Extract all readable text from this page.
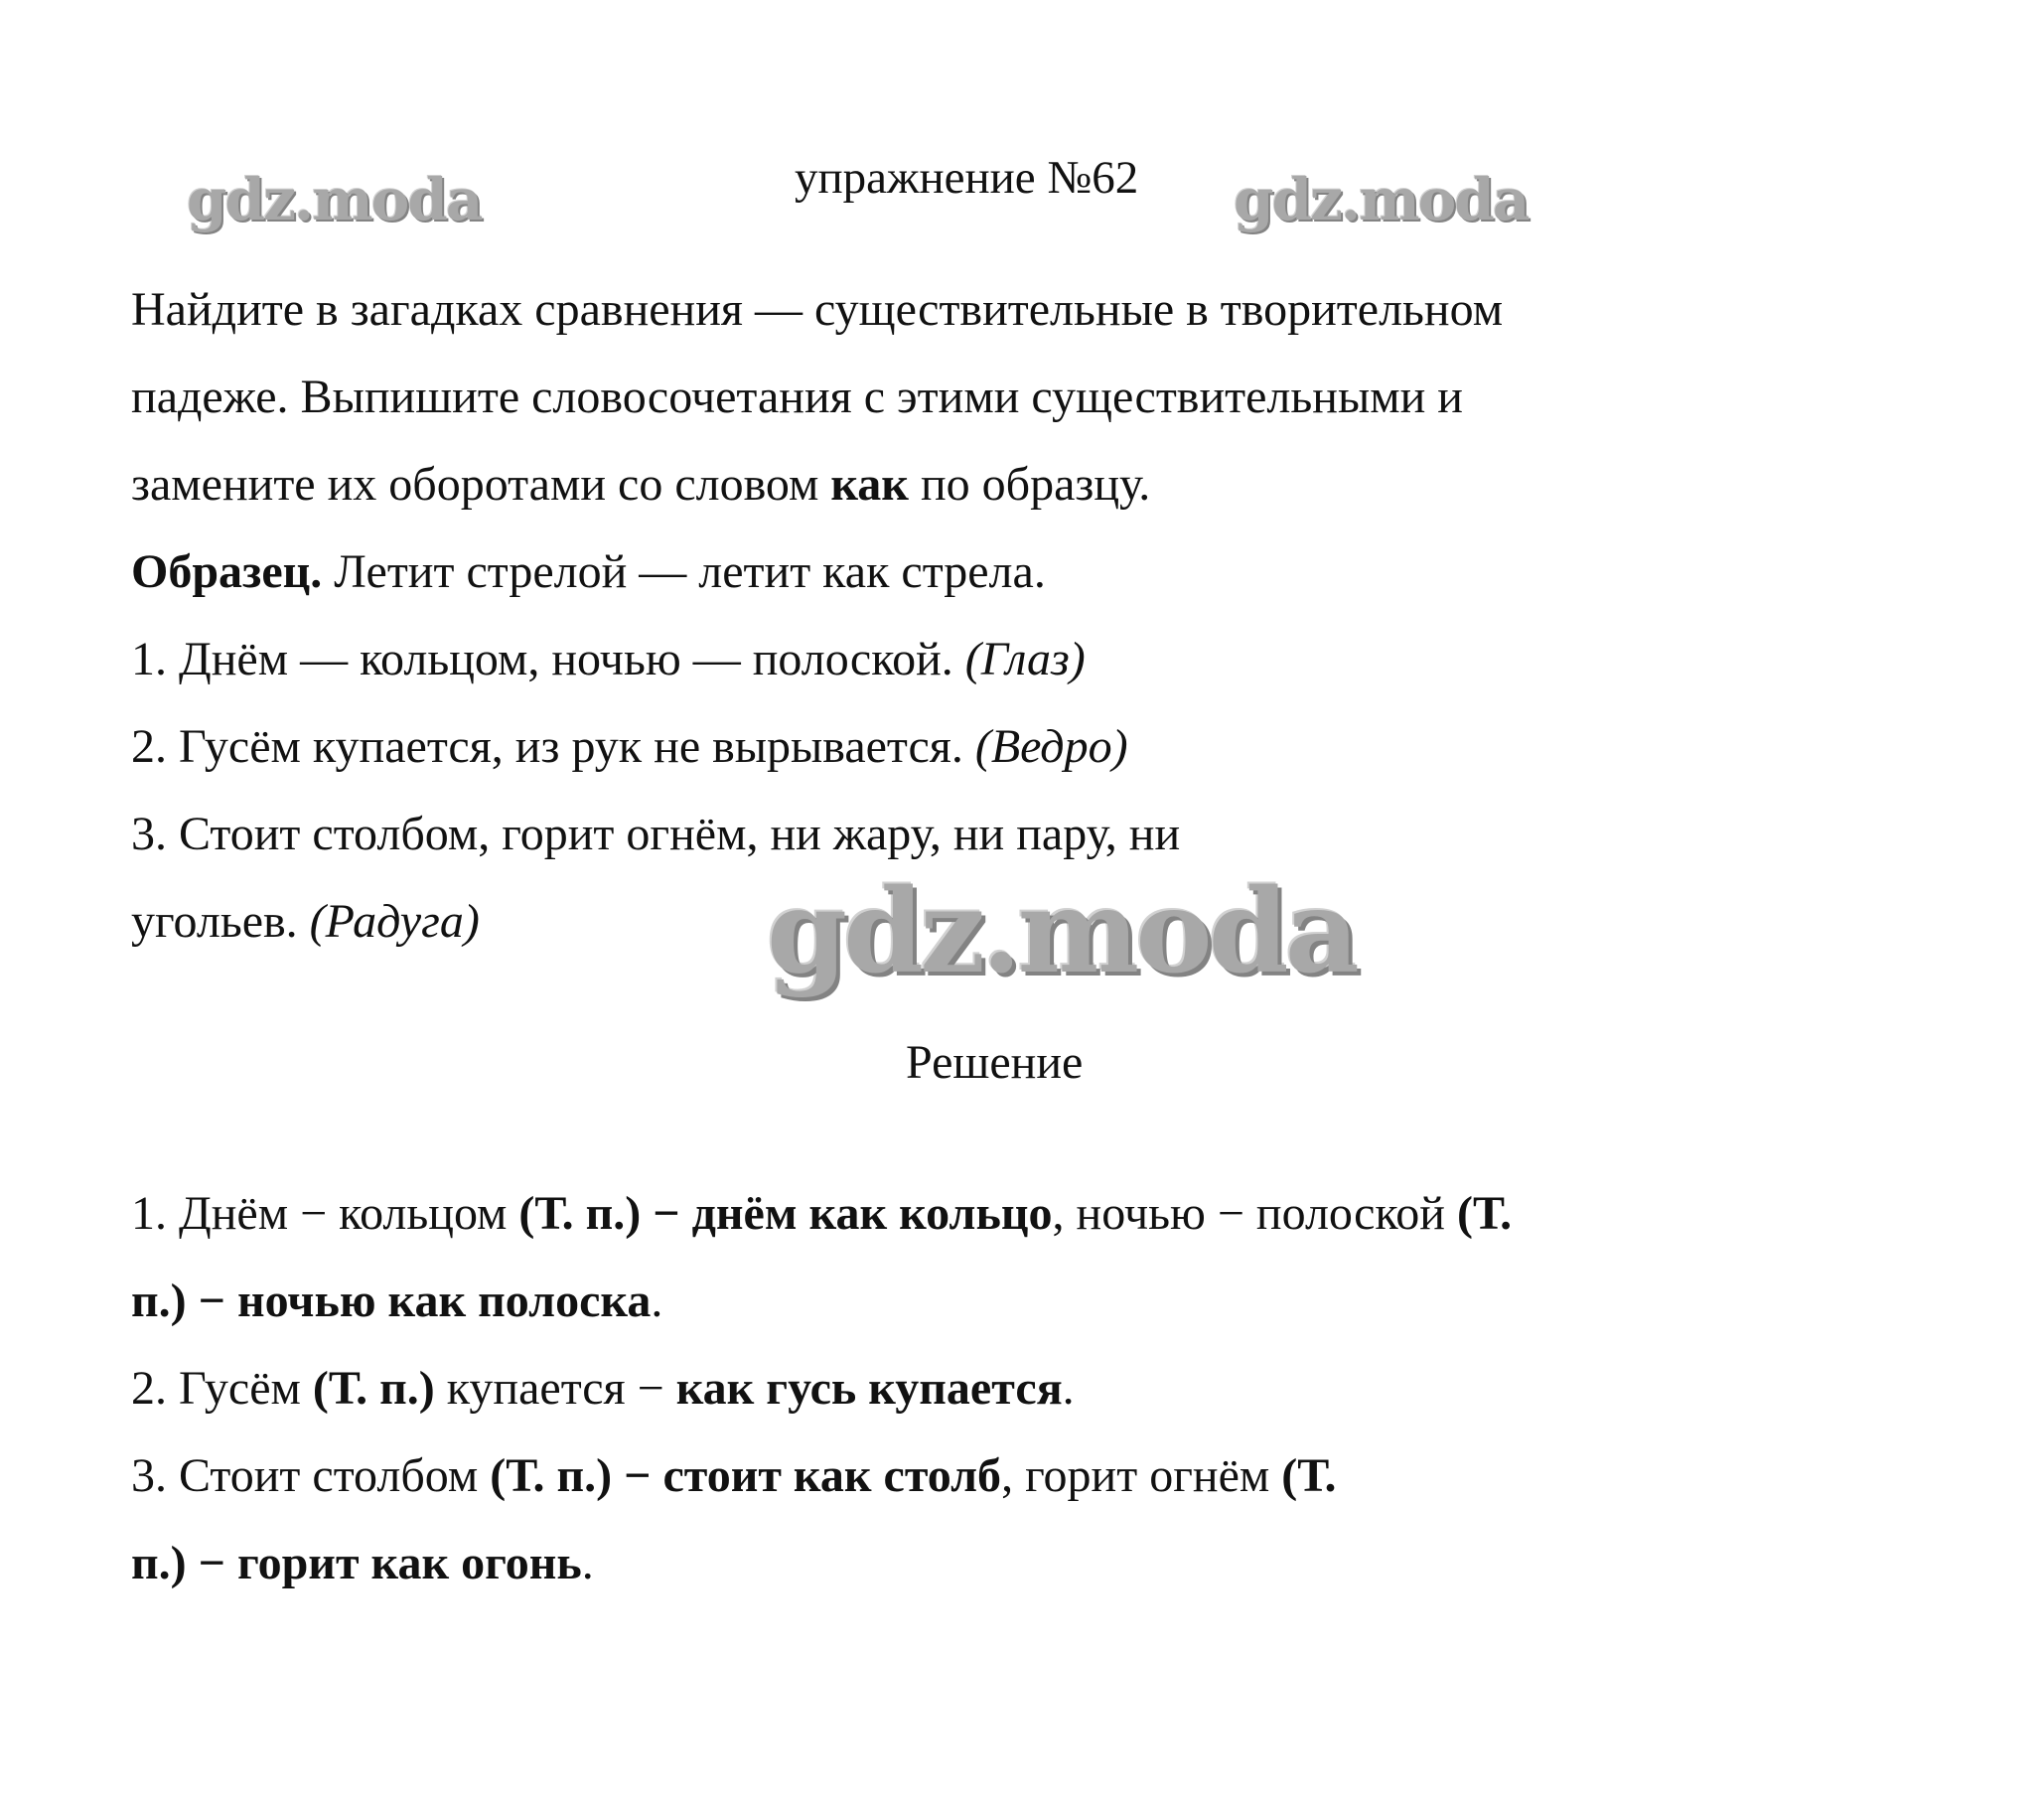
gdz.moda	упражнение №62 gdz.moda
Найдите в загадках сравнения — существительные в творительном
падеже. Выпишите словосочетания с этими существительными и
замените их оборотами со словом как по образцу.
Образец. Летит стрелой — летит как стрела.
1. Днём — кольцом, ночью — полоской. (Глаз)
2. Гусём купается, из рук не вырывается. (Ведро)
3. Стоит столбом, горит огнём, ни жару, ни пару, ни
угольев. (Радуга) gdz.moda
Решение
1. Днём − кольцом (Т. п.) − днём как кольцо, ночью − полоской (Т.
п.) − ночью как полоска.
2. Гусём (Т. п.) купается − как гусь купается.
3. Стоит столбом (Т. п.) − стоит как столб, горит огнём (Т.
п.) − горит как огонь.
